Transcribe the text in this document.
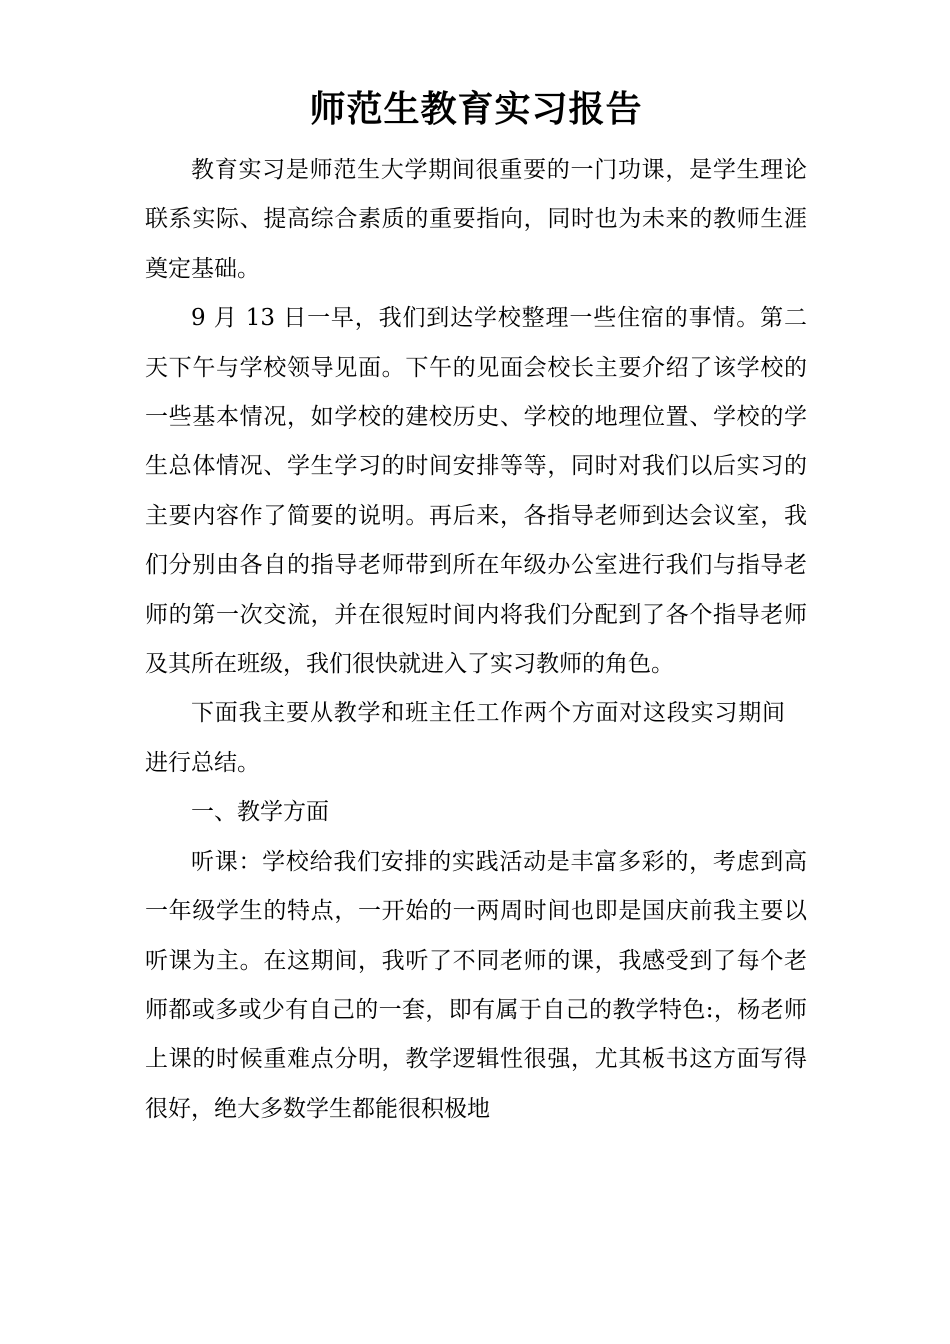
师范生教育实习报告

教育实习是师范生大学期间很重要的一门功课，是学生理论联系实际、提高综合素质的重要指向，同时也为未来的教师生涯奠定基础。

9 月 13 日一早，我们到达学校整理一些住宿的事情。第二天下午与学校领导见面。下午的见面会校长主要介绍了该学校的一些基本情况，如学校的建校历史、学校的地理位置、学校的学生总体情况、学生学习的时间安排等等，同时对我们以后实习的主要内容作了简要的说明。再后来，各指导老师到达会议室，我们分别由各自的指导老师带到所在年级办公室进行我们与指导老师的第一次交流，并在很短时间内将我们分配到了各个指导老师及其所在班级，我们很快就进入了实习教师的角色。

下面我主要从教学和班主任工作两个方面对这段实习期间进行总结。

一、教学方面

听课：学校给我们安排的实践活动是丰富多彩的，考虑到高一年级学生的特点，一开始的一两周时间也即是国庆前我主要以听课为主。在这期间，我听了不同老师的课，我感受到了每个老师都或多或少有自己的一套，即有属于自己的教学特色:，杨老师上课的时候重难点分明，教学逻辑性很强，尤其板书这方面写得很好，绝大多数学生都能很积极地
